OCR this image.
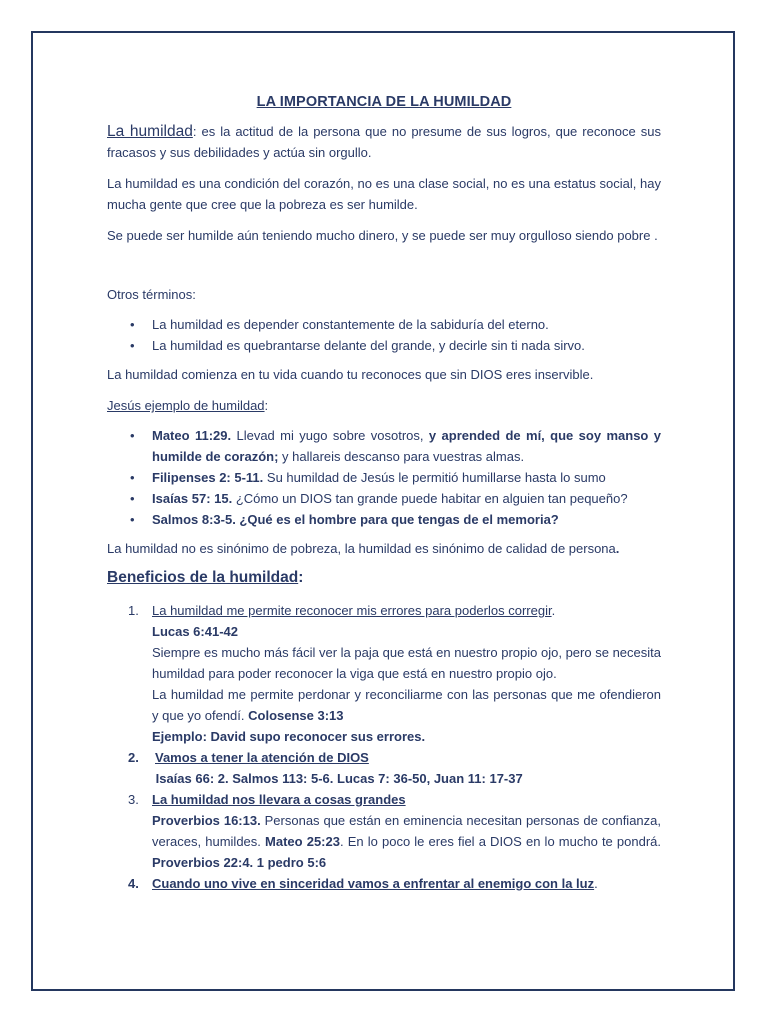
LA IMPORTANCIA DE LA HUMILDAD

La humildad: es la actitud de la persona que no presume de sus logros, que reconoce sus fracasos y sus debilidades y actúa sin orgullo.

La humildad es una condición del corazón, no es una clase social, no es una estatus social, hay mucha gente que cree que la pobreza es ser humilde.

Se puede ser humilde aún teniendo mucho dinero, y se puede ser muy orgulloso siendo pobre .

Otros términos:

• La humildad es depender constantemente de la sabiduría del eterno.
• La humildad es quebrantarse delante del grande, y decirle sin ti nada sirvo.

La humildad comienza en tu vida cuando tu reconoces que sin DIOS eres inservible.

Jesús ejemplo de humildad:

• Mateo 11:29. Llevad mi yugo sobre vosotros, y aprended de mí, que soy manso y humilde de corazón; y hallareis descanso para vuestras almas.
• Filipenses 2: 5-11. Su humildad de Jesús le permitió humillarse hasta lo sumo
• Isaías 57: 15. ¿Cómo un DIOS tan grande puede habitar en alguien tan pequeño?
• Salmos 8:3-5. ¿Qué es el hombre para que tengas de el memoria?

La humildad no es sinónimo de pobreza, la humildad es sinónimo de calidad de persona.

Beneficios de la humildad:
1. La humildad me permite reconocer mis errores para poderlos corregir.
Lucas 6:41-42
Siempre es mucho más fácil ver la paja que está en nuestro propio ojo, pero se necesita humildad para poder reconocer la viga que está en nuestro propio ojo.
La humildad me permite perdonar y reconciliarme con las personas que me ofendieron y que yo ofendí. Colosense 3:13
Ejemplo: David supo reconocer sus errores.
2. Vamos a tener la atención de DIOS
Isaías 66: 2. Salmos 113: 5-6. Lucas 7: 36-50, Juan 11: 17-37
3. La humildad nos llevara a cosas grandes
Proverbios 16:13. Personas que están en eminencia necesitan personas de confianza, veraces, humildes. Mateo 25:23. En lo poco le eres fiel a DIOS en lo mucho te pondrá. Proverbios 22:4. 1 pedro 5:6
4. Cuando uno vive en sinceridad vamos a enfrentar al enemigo con la luz.
